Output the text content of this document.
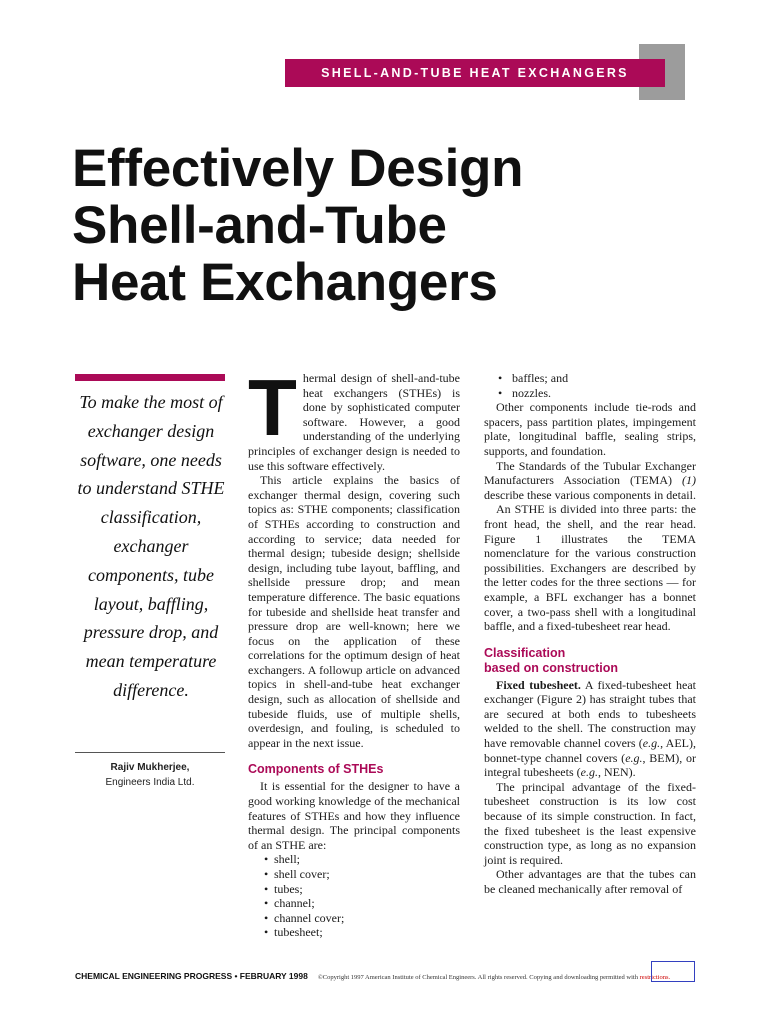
SHELL-AND-TUBE HEAT EXCHANGERS
Effectively Design
Shell-and-Tube
Heat Exchangers
To make the most of exchanger design software, one needs to understand STHE classification, exchanger components, tube layout, baffling, pressure drop, and mean temperature difference.
Rajiv Mukherjee,
Engineers India Ltd.
T hermal design of shell-and-tube heat exchangers (STHEs) is done by sophisticated computer software. However, a good understanding of the underlying principles of exchanger design is needed to use this software effectively.

This article explains the basics of exchanger thermal design, covering such topics as: STHE components; classification of STHEs according to construction and according to service; data needed for thermal design; tubeside design; shellside design, including tube layout, baffling, and shellside pressure drop; and mean temperature difference. The basic equations for tubeside and shellside heat transfer and pressure drop are well-known; here we focus on the application of these correlations for the optimum design of heat exchangers. A followup article on advanced topics in shell-and-tube heat exchanger design, such as allocation of shellside and tubeside fluids, use of multiple shells, overdesign, and fouling, is scheduled to appear in the next issue.

Components of STHEs

It is essential for the designer to have a good working knowledge of the mechanical features of STHEs and how they influence thermal design. The principal components of an STHE are:

• shell;
• shell cover;
• tubes;
• channel;
• channel cover;
• tubesheet;
• baffles; and
• nozzles.

Other components include tie-rods and spacers, pass partition plates, impingement plate, longitudinal baffle, sealing strips, supports, and foundation.

The Standards of the Tubular Exchanger Manufacturers Association (TEMA) (1) describe these various components in detail.

An STHE is divided into three parts: the front head, the shell, and the rear head. Figure 1 illustrates the TEMA nomenclature for the various construction possibilities. Exchangers are described by the letter codes for the three sections — for example, a BFL exchanger has a bonnet cover, a two-pass shell with a longitudinal baffle, and a fixed-tubesheet rear head.

Classification
based on construction

Fixed tubesheet. A fixed-tubesheet heat exchanger (Figure 2) has straight tubes that are secured at both ends to tubesheets welded to the shell. The construction may have removable channel covers (e.g., AEL), bonnet-type channel covers (e.g., BEM), or integral tubesheets (e.g., NEN).

The principal advantage of the fixed-tubesheet construction is its low cost because of its simple construction. In fact, the fixed tubesheet is the least expensive construction type, as long as no expansion joint is required.

Other advantages are that the tubes can be cleaned mechanically after removal of

CHEMICAL ENGINEERING PROGRESS • FEBRUARY 1998 ©Copyright 1997 American Institute of Chemical Engineers. All rights reserved. Copying and downloading permitted with restrictions.
